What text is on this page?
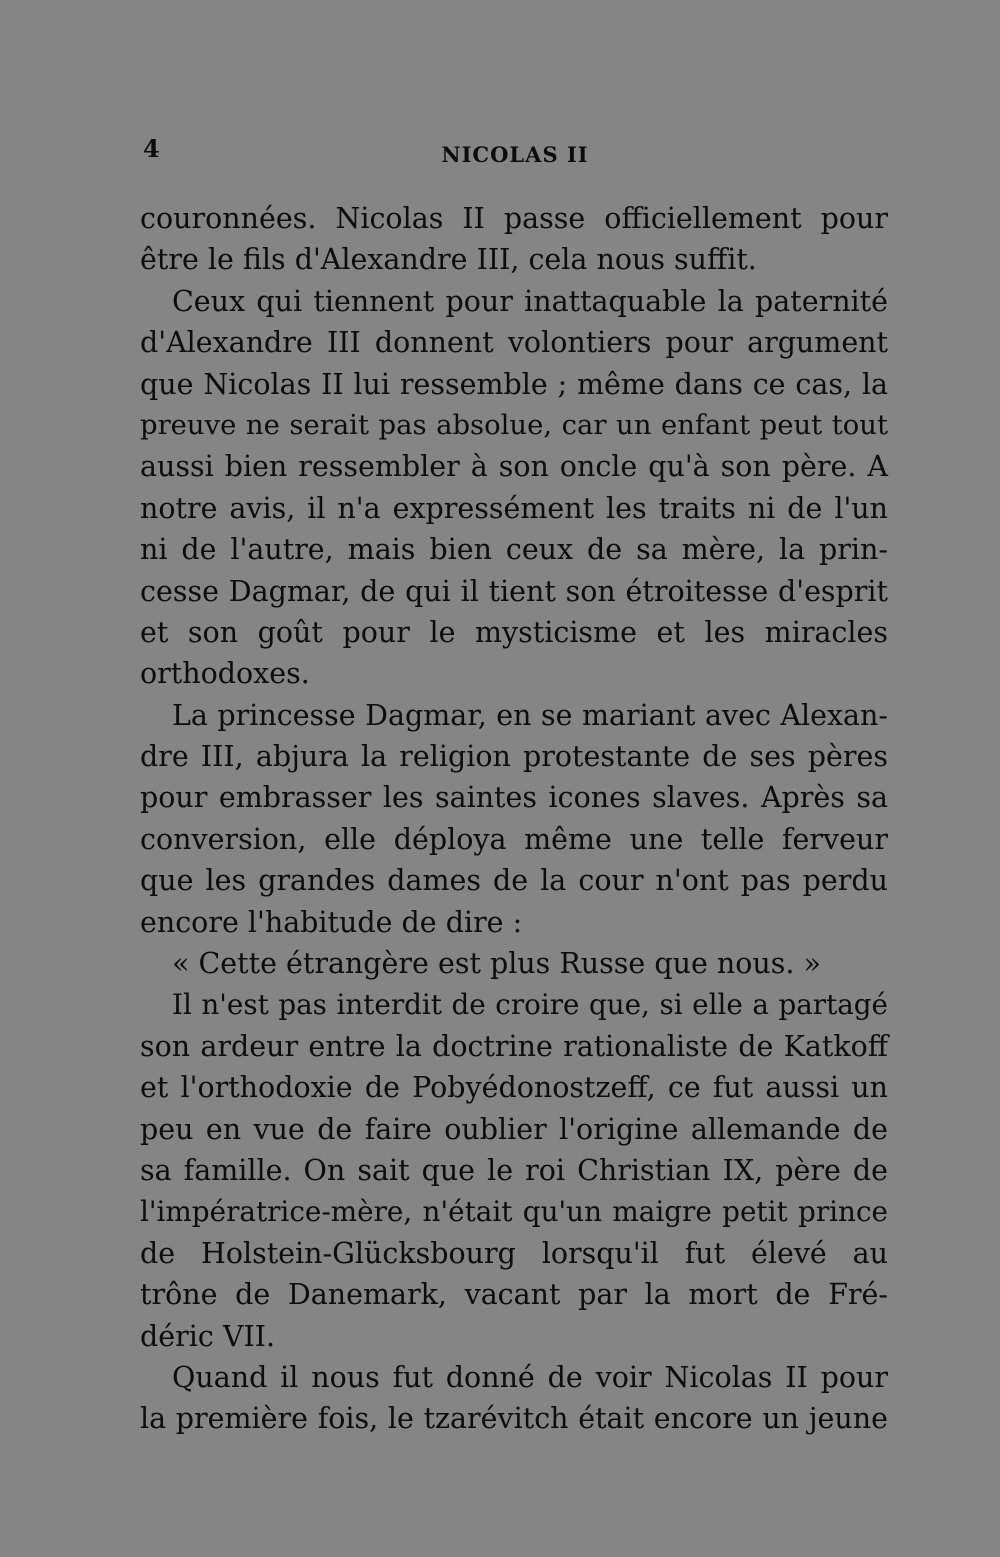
4	NICOLAS II
couronnées. Nicolas II passe officiellement pour
être le fils d'Alexandre III, cela nous suffit.
Ceux qui tiennent pour inattaquable la paternité
d'Alexandre III donnent volontiers pour argument
que Nicolas II lui ressemble ; même dans ce cas, la
preuve ne serait pas absolue, car un enfant peut tout
aussi bien ressembler à son oncle qu'à son père. A
notre avis, il n'a expressément les traits ni de l'un
ni de l'autre, mais bien ceux de sa mère, la prin-
cesse Dagmar, de qui il tient son étroitesse d'esprit
et son goût pour le mysticisme et les miracles
orthodoxes.
La princesse Dagmar, en se mariant avec Alexan-
dre III, abjura la religion protestante de ses pères
pour embrasser les saintes icones slaves. Après sa
conversion, elle déploya même une telle ferveur
que les grandes dames de la cour n'ont pas perdu
encore l'habitude de dire :
« Cette étrangère est plus Russe que nous. »
Il n'est pas interdit de croire que, si elle a partagé
son ardeur entre la doctrine rationaliste de Katkoff
et l'orthodoxie de Pobyédonostzeff, ce fut aussi un
peu en vue de faire oublier l'origine allemande de
sa famille. On sait que le roi Christian IX, père de
l'impératrice-mère, n'était qu'un maigre petit prince
de Holstein-Glücksbourg lorsqu'il fut élevé au
trône de Danemark, vacant par la mort de Fré-
déric VII.
Quand il nous fut donné de voir Nicolas II pour
la première fois, le tzarévitch était encore un jeune
